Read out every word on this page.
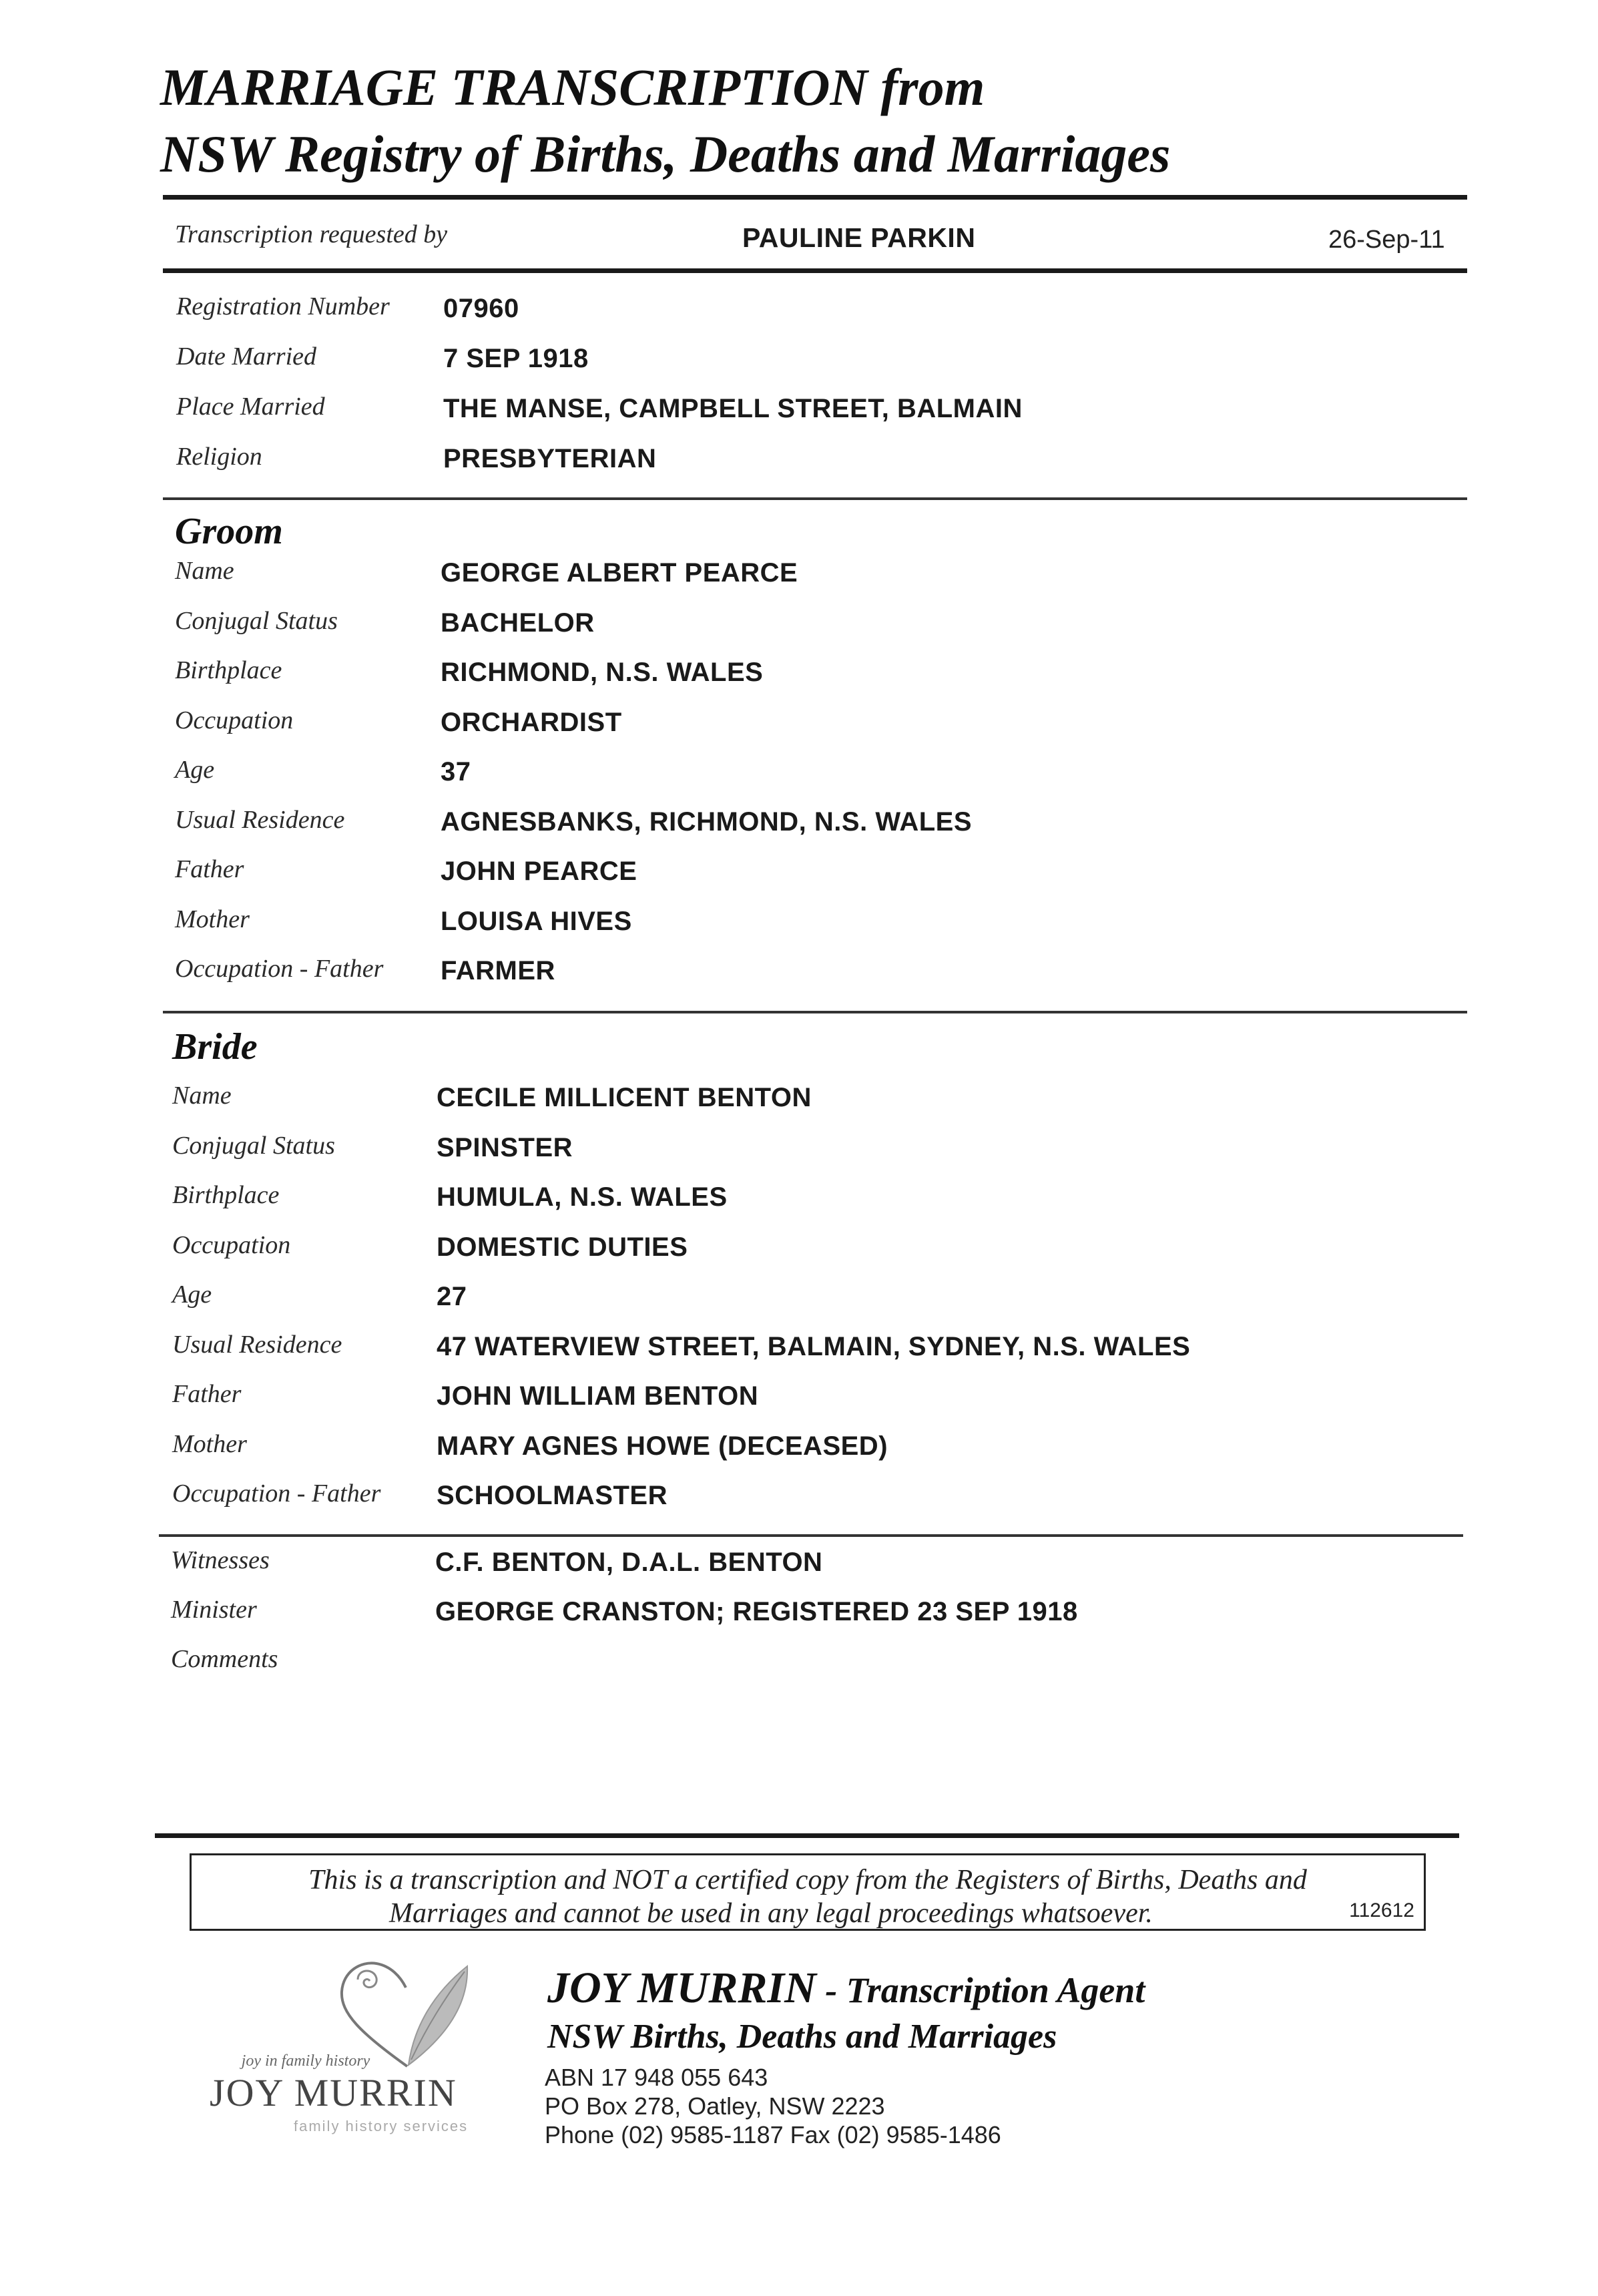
MARRIAGE TRANSCRIPTION from
NSW Registry of Births, Deaths and Marriages
Transcription requested by	PAULINE PARKIN	26-Sep-11
Registration Number 07960
Date Married	7 SEP 1918
Place Married	THE MANSE, CAMPBELL STREET, BALMAIN
Religion	PRESBYTERIAN
Groom
Name	GEORGE ALBERT PEARCE
Conjugal Status	BACHELOR
Birthplace	RICHMOND, N.S. WALES
Occupation	ORCHARDIST
Age	37
Usual Residence	AGNESBANKS, RICHMOND, N.S. WALES
Father	JOHN PEARCE
Mother	LOUISA HIVES
Occupation - Father FARMER
Bride
Name	CECILE MILLICENT BENTON
Conjugal Status	SPINSTER
Birthplace	HUMULA, N.S. WALES
Occupation	DOMESTIC DUTIES
Age	27
Usual Residence	47 WATERVIEW STREET, BALMAIN, SYDNEY, N.S. WALES
Father	JOHN WILLIAM BENTON
Mother	MARY AGNES HOWE (DECEASED)
Occupation - Father SCHOOLMASTER
Witnesses	C.F. BENTON, D.A.L. BENTON
Minister	GEORGE CRANSTON; REGISTERED 23 SEP 1918
Comments
This is a transcription and NOT a certified copy from the Registers of Births, Deaths and
Marriages and cannot be used in any legal proceedings whatsoever.	112612
joy in family history
JOY MURRIN
family history services
JOY MURRIN - Transcription Agent
NSW Births, Deaths and Marriages
ABN 17 948 055 643
PO Box 278, Oatley, NSW 2223
Phone (02) 9585-1187 Fax (02) 9585-1486
